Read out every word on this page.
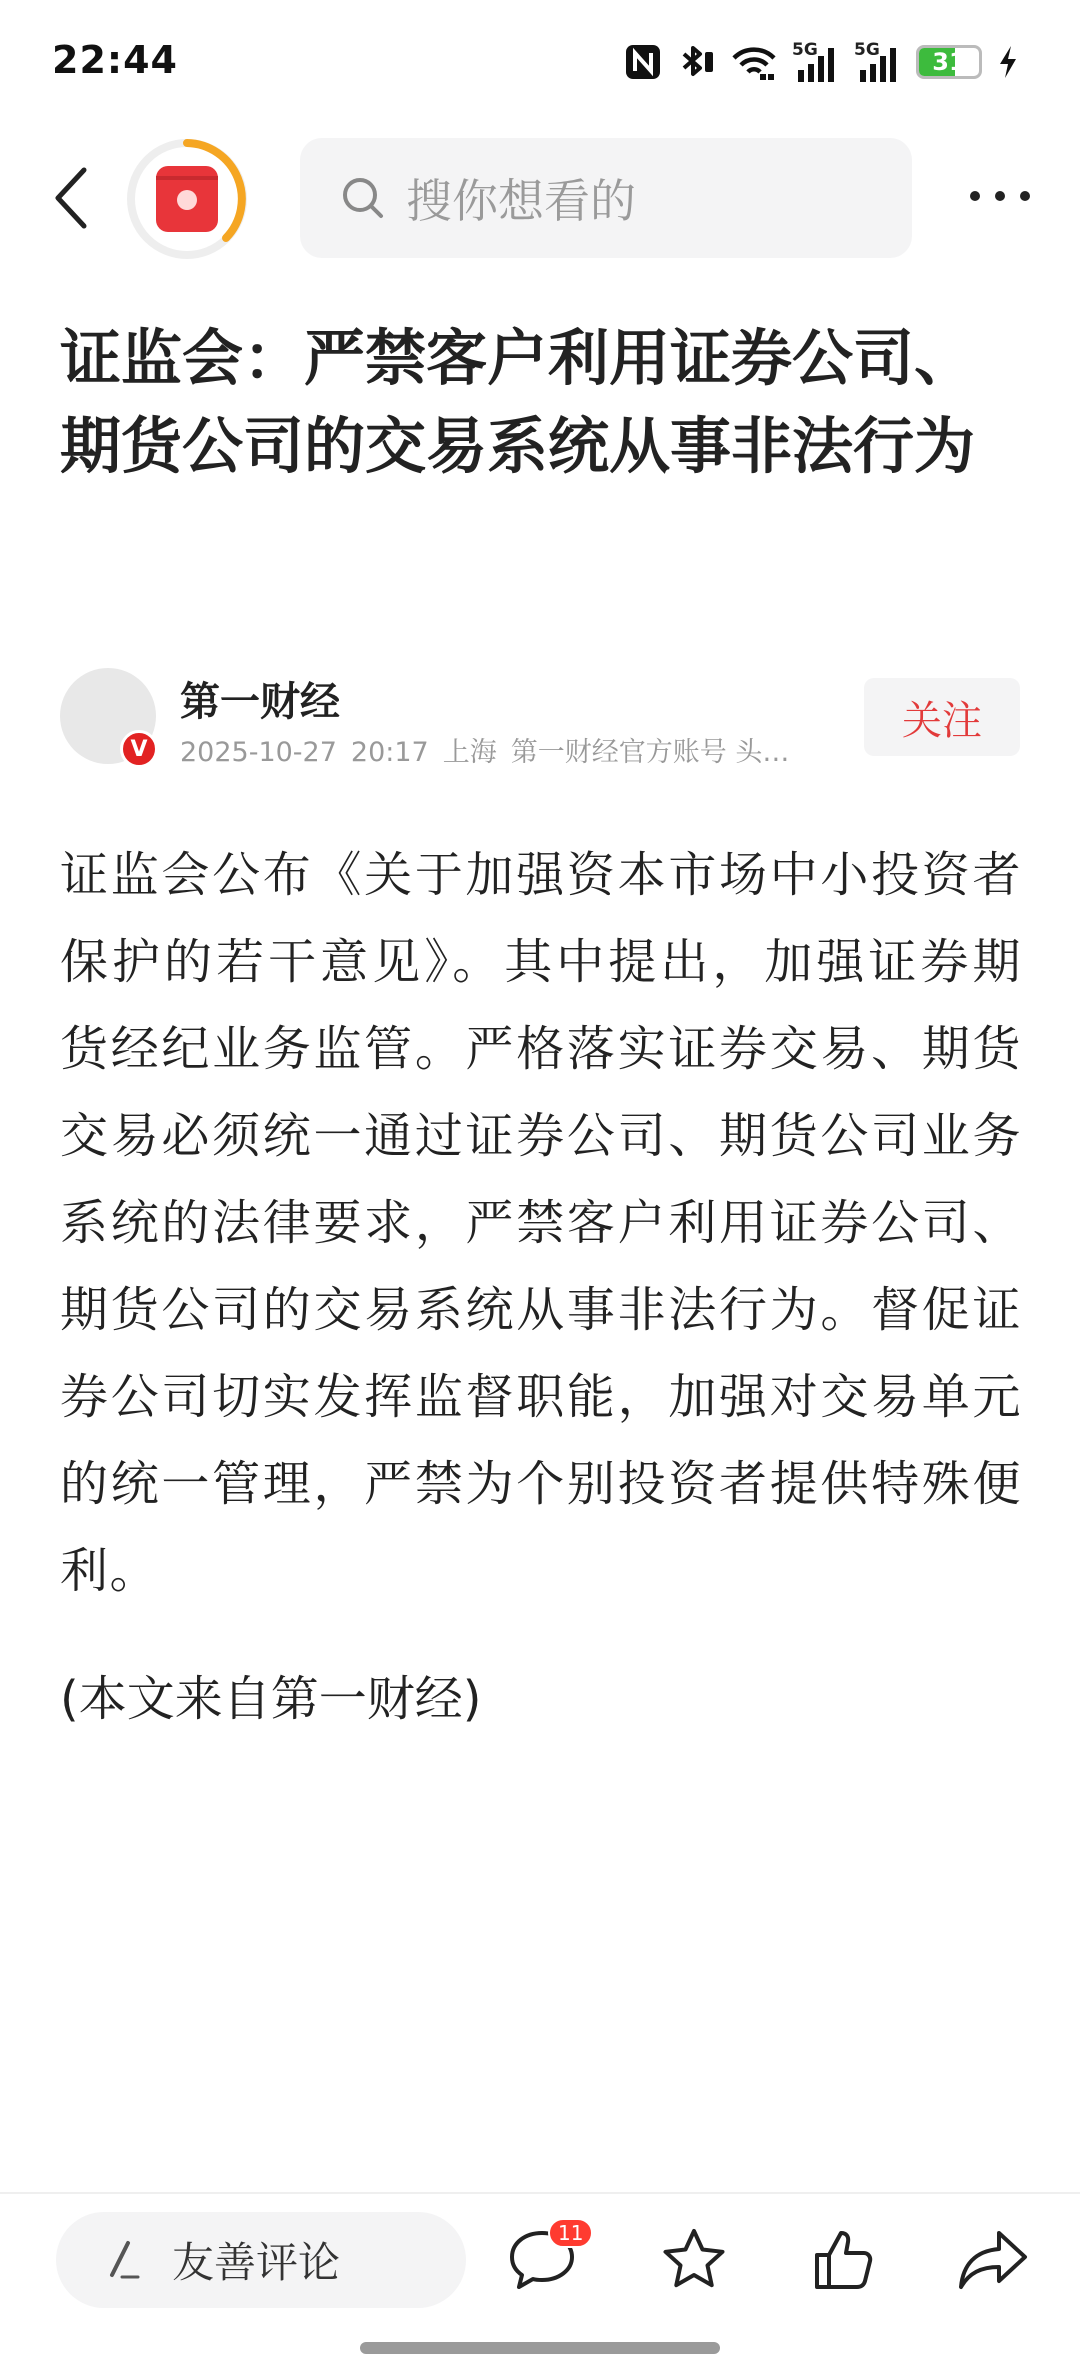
22:44	5G 5G	31
搜你想看的
证监会：严禁客户利用证券公司、期货公司的交易系统从事非法行为
V
第一财经
2025-10-27 20:17 上海 第一财经官方账号 头…
关注

证监会公布《关于加强资本市场中小投资者保护的若干意见》。其中提出，加强证券期货经纪业务监管。严格落实证券交易、期货交易必须统一通过证券公司、期货公司业务系统的法律要求，严禁客户利用证券公司、期货公司的交易系统从事非法行为。督促证券公司切实发挥监督职能，加强对交易单元的统一管理，严禁为个别投资者提供特殊便利。

(本文来自第一财经)

友善评论
11
